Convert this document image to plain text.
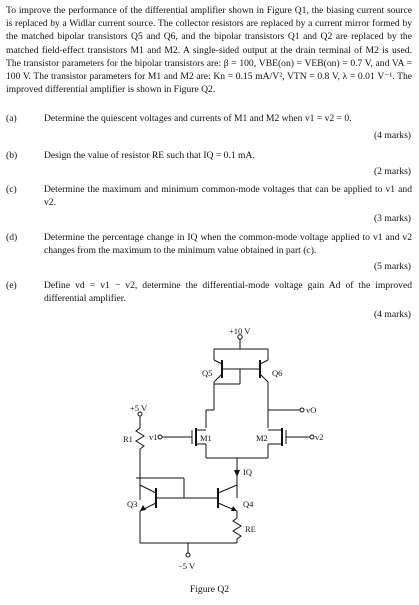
To improve the performance of the differential amplifier shown in Figure Q1, the biasing current source is replaced by a Widlar current source. The collector resistors are replaced by a current mirror formed by the matched bipolar transistors Q5 and Q6, and the bipolar transistors Q1 and Q2 are replaced by the matched field-effect transistors M1 and M2. A single-sided output at the drain terminal of M2 is used. The transistor parameters for the bipolar transistors are: β = 100, VBE(on) = VEB(on) = 0.7 V, and VA = 100 V. The transistor parameters for M1 and M2 are: Kn = 0.15 mA/V², VTN = 0.8 V, λ = 0.01 V⁻¹. The improved differential amplifier is shown in Figure Q2.

(a)	Determine the quiescent voltages and currents of M1 and M2 when v1 = v2 = 0.
(4 marks)
(b)	Design the value of resistor RE such that IQ = 0.1 mA.
(2 marks)
(c)	Determine the maximum and minimum common-mode voltages that can be applied to v1 and v2.
(3 marks)
(d)	Determine the percentage change in IQ when the common-mode voltage applied to v1 and v2 changes from the maximum to the minimum value obtained in part (c).
(5 marks)
(e)	Define vd = v1 − v2, determine the differential-mode voltage gain Ad of the improved differential amplifier.
(4 marks)
+10 V
Q5	Q6
+5 V
R1 v1	M1	M2	v2
vO
IQ
Q3	Q4
RE
−5 V
Figure Q2
